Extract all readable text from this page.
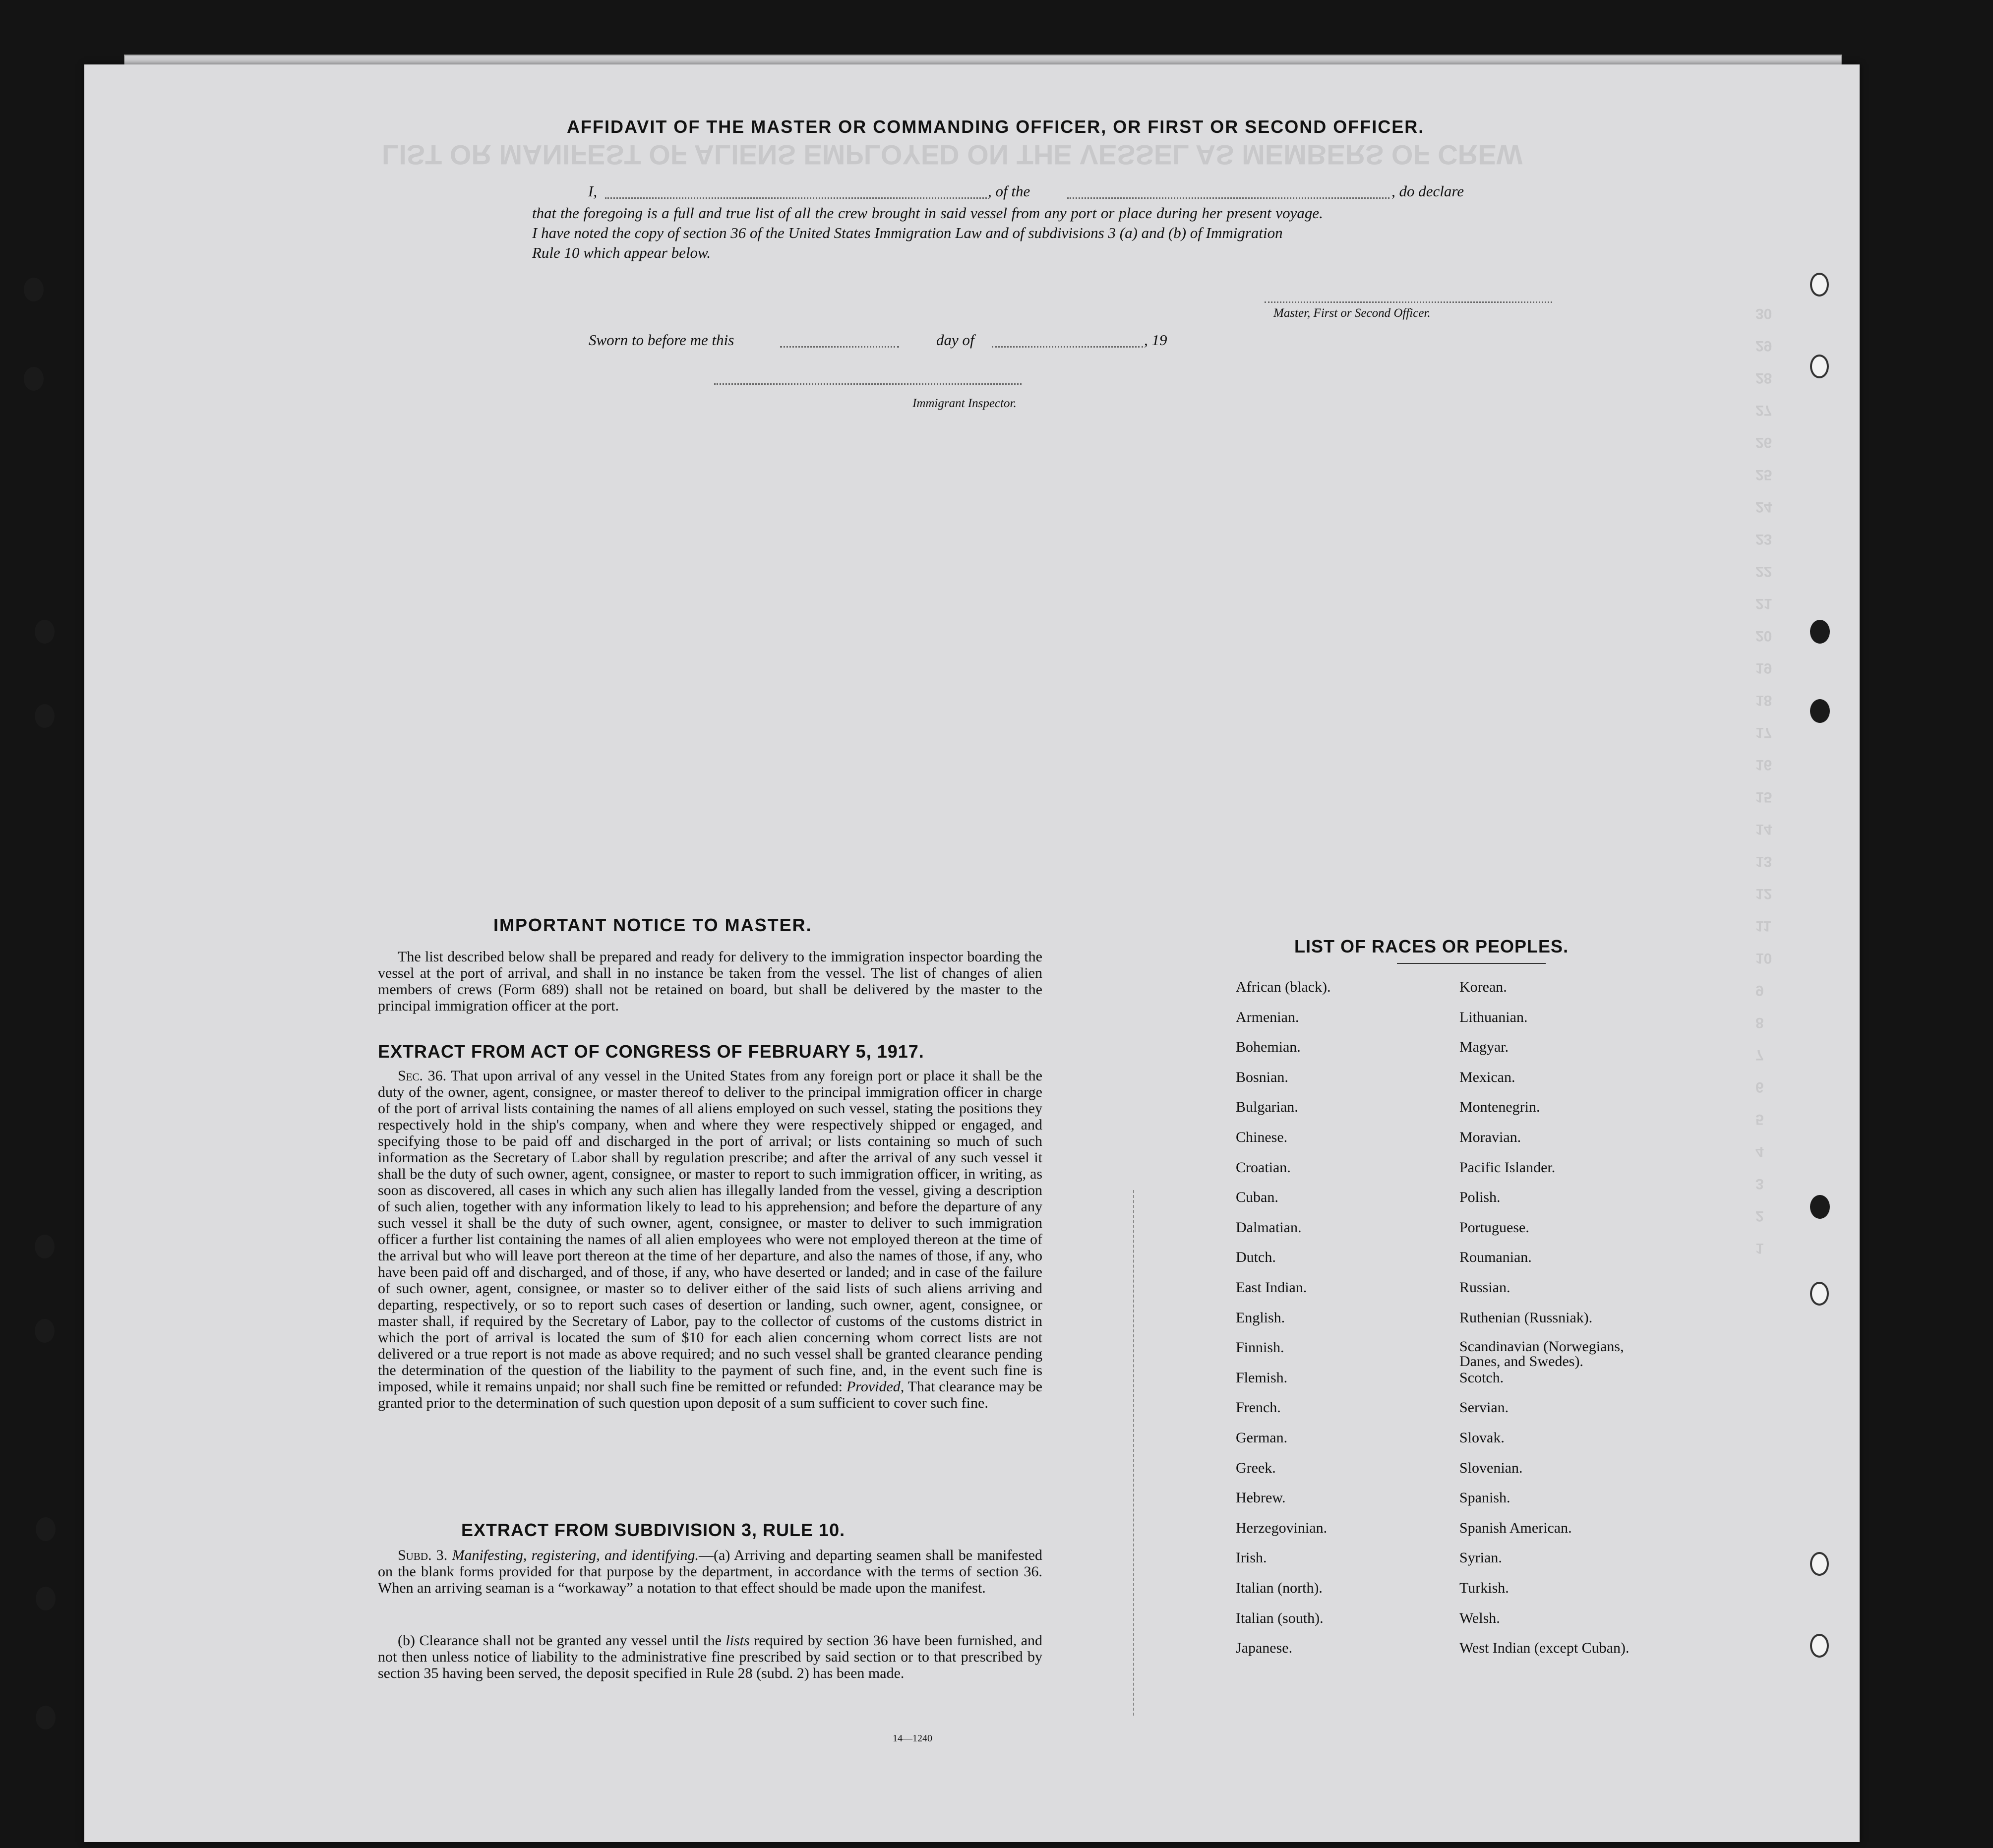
LIST OR MANIFEST OF ALIENS EMPLOYED ON THE VESSEL AS MEMBERS OF CREW
1
2
3
4
5
6
7
8
9
10
11
12
13
14
15
16
17
18
19
20
21
22
23
24
25
26
27
28
29
30
AFFIDAVIT OF THE MASTER OR COMMANDING OFFICER, OR FIRST OR SECOND OFFICER.
I,	, of the	, do declare
that the foregoing is a full and true list of all the crew brought in said vessel from any port or place during her present voyage.
I have noted the copy of section 36 of the United States Immigration Law and of subdivisions 3 (a) and (b) of Immigration
Rule 10 which appear below.
Master, First or Second Officer.
Sworn to before me this	day of	, 19
Immigrant Inspector.
IMPORTANT NOTICE TO MASTER.
The list described below shall be prepared and ready for delivery to the immigration inspector boarding the vessel at the port of arrival, and shall in no instance be taken from the vessel. The list of changes of alien members of crews (Form 689) shall not be retained on board, but shall be delivered by the master to the principal immigration officer at the port.
EXTRACT FROM ACT OF CONGRESS OF FEBRUARY 5, 1917.
Sec. 36. That upon arrival of any vessel in the United States from any foreign port or place it shall be the duty of the owner, agent, consignee, or master thereof to deliver to the principal immigration officer in charge of the port of arrival lists containing the names of all aliens employed on such vessel, stating the positions they respectively hold in the ship's company, when and where they were respectively shipped or engaged, and specifying those to be paid off and discharged in the port of arrival; or lists containing so much of such information as the Secretary of Labor shall by regulation prescribe; and after the arrival of any such vessel it shall be the duty of such owner, agent, consignee, or master to report to such immigration officer, in writing, as soon as discovered, all cases in which any such alien has illegally landed from the vessel, giving a description of such alien, together with any information likely to lead to his apprehension; and before the departure of any such vessel it shall be the duty of such owner, agent, consignee, or master to deliver to such immigration officer a further list containing the names of all alien employees who were not employed thereon at the time of the arrival but who will leave port thereon at the time of her departure, and also the names of those, if any, who have been paid off and discharged, and of those, if any, who have deserted or landed; and in case of the failure of such owner, agent, consignee, or master so to deliver either of the said lists of such aliens arriving and departing, respectively, or so to report such cases of desertion or landing, such owner, agent, consignee, or master shall, if required by the Secretary of Labor, pay to the collector of customs of the customs district in which the port of arrival is located the sum of $10 for each alien concerning whom correct lists are not delivered or a true report is not made as above required; and no such vessel shall be granted clearance pending the determination of the question of the liability to the payment of such fine, and, in the event such fine is imposed, while it remains unpaid; nor shall such fine be remitted or refunded: Provided, That clearance may be granted prior to the determination of such question upon deposit of a sum sufficient to cover such fine.
EXTRACT FROM SUBDIVISION 3, RULE 10.
Subd. 3. Manifesting, registering, and identifying.—(a) Arriving and departing seamen shall be manifested on the blank forms provided for that purpose by the department, in accordance with the terms of section 36. When an arriving seaman is a “workaway” a notation to that effect should be made upon the manifest.
(b) Clearance shall not be granted any vessel until the lists required by section 36 have been furnished, and not then unless notice of liability to the administrative fine prescribed by said section or to that prescribed by section 35 having been served, the deposit specified in Rule 28 (subd. 2) has been made.
14—1240
LIST OF RACES OR PEOPLES.
African (black).
Armenian.
Bohemian.
Bosnian.
Bulgarian.
Chinese.
Croatian.
Cuban.
Dalmatian.
Dutch.
East Indian.
English.
Finnish.
Flemish.
French.
German.
Greek.
Hebrew.
Herzegovinian.
Irish.
Italian (north).
Italian (south).
Japanese.
Korean.
Lithuanian.
Magyar.
Mexican.
Montenegrin.
Moravian.
Pacific Islander.
Polish.
Portuguese.
Roumanian.
Russian.
Ruthenian (Russniak).
Scandinavian (Norwegians, Danes, and Swedes).
Scotch.
Servian.
Slovak.
Slovenian.
Spanish.
Spanish American.
Syrian.
Turkish.
Welsh.
West Indian (except Cuban).
